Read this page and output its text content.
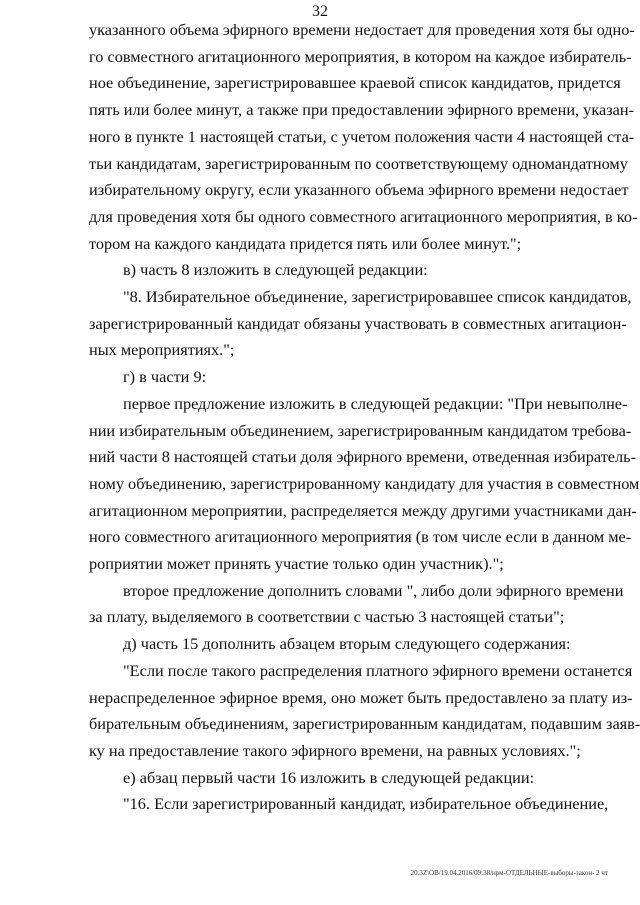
32
указанного объема эфирного времени недостает для проведения хотя бы одно-
го совместного агитационного мероприятия, в котором на каждое избиратель-
ное объединение, зарегистрировавшее краевой список кандидатов, придется
пять или более минут, а также при предоставлении эфирного времени, указан-
ного в пункте 1 настоящей статьи, с учетом положения части 4 настоящей ста-
тьи кандидатам, зарегистрированным по соответствующему одномандатному
избирательному округу, если указанного объема эфирного времени недостает
для проведения хотя бы одного совместного агитационного мероприятия, в ко-
тором на каждого кандидата придется пять или более минут.";
в) часть 8 изложить в следующей редакции:
"8. Избирательное объединение, зарегистрировавшее список кандидатов,
зарегистрированный кандидат обязаны участвовать в совместных агитацион-
ных мероприятиях.";
г) в части 9:
первое предложение изложить в следующей редакции: "При невыполне-
нии избирательным объединением, зарегистрированным кандидатом требова-
ний части 8 настоящей статьи доля эфирного времени, отведенная избиратель-
ному объединению, зарегистрированному кандидату для участия в совместном
агитационном мероприятии, распределяется между другими участниками дан-
ного совместного агитационного мероприятия (в том числе если в данном ме-
роприятии может принять участие только один участник).";
второе предложение дополнить словами ", либо доли эфирного времени
за плату, выделяемого в соответствии с частью 3 настоящей статьи";
д) часть 15 дополнить абзацем вторым следующего содержания:
"Если после такого распределения платного эфирного времени останется
нераспределенное эфирное время, оно может быть предоставлено за плату из-
бирательным объединениям, зарегистрированным кандидатам, подавшим заяв-
ку на предоставление такого эфирного времени, на равных условиях.";
е) абзац первый части 16 изложить в следующей редакции:
"16. Если зарегистрированный кандидат, избирательное объединение,
20.3Z\OB/19.04.2016/09:38/нрм-ОТДЕЛЬНЫЕ-выборы-закон- 2 чт
